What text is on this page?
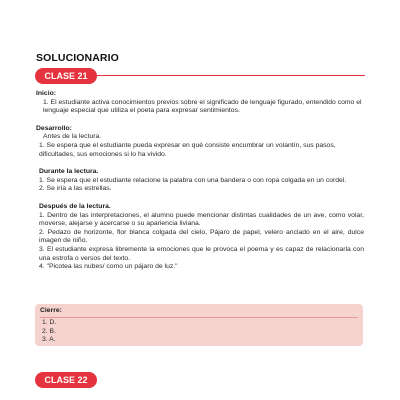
SOLUCIONARIO
CLASE 21

Inicio:

1. El estudiante activa conocimientos previos sobre el significado de lenguaje figurado, entendido como el lenguaje especial que utiliza el poeta para expresar sentimientos.

Desarrollo:

Antes de la lectura.

1. Se espera que el estudiante pueda expresar en qué consiste encumbrar un volantín, sus pasos, dificultades, sus emociones si lo ha vivido.

Durante la lectura.

1. Se espera que el estudiante relacione la palabra con una bandera o con ropa colgada en un cordel.

2. Se iría a las estrellas.

Después de la lectura.

1. Dentro de las interpretaciones, el alumno puede mencionar distintas cualidades de un ave, como volar, moverse, alejarse y acercarse o su apariencia liviana.

2. Pedazo de horizonte, flor blanca colgada del cielo, Pájaro de papel, velero anclado en el aire, dulce imagen de niño.

3. El estudiante expresa libremente la emociones que le provoca el poema y es capaz de relacionarla con una estrofa o versos del texto.

4. "Picotea las nubes/ como un pájaro de luz."

Cierre:
1. D.
2. B.
3. A.
CLASE 22
